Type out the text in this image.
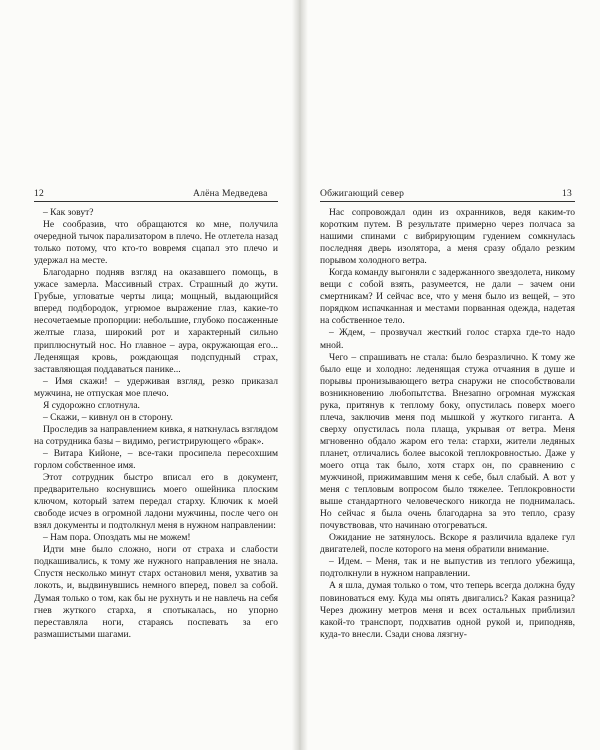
12	Алёна Медведева

– Как зовут?

Не сообразив, что обращаются ко мне, получила очередной тычок парализатором в плечо. Не отлетела назад только потому, что кто-то вовремя сцапал это плечо и удержал на месте.

Благодарно подняв взгляд на оказавшего помощь, в ужасе замерла. Массивный страх. Страшный до жути. Грубые, угловатые черты лица; мощный, выдающийся вперед подбородок, угрюмое выражение глаз, какие-то несочетаемые пропорции: небольшие, глубоко посаженные желтые глаза, широкий рот и характерный сильно приплюснутый нос. Но главное – аура, окружающая его... Леденящая кровь, рождающая подспудный страх, заставляющая поддаваться панике...

– Имя скажи! – удерживая взгляд, резко приказал мужчина, не отпуская мое плечо.

Я судорожно сглотнула.

– Скажи, – кивнул он в сторону.

Проследив за направлением кивка, я наткнулась взглядом на сотрудника базы – видимо, регистрирующего «брак».

– Витара Кийоне, – все-таки просипела пересохшим горлом собственное имя.

Этот сотрудник быстро вписал его в документ, предварительно коснувшись моего ошейника плоским ключом, который затем передал старху. Ключик к моей свободе исчез в огромной ладони мужчины, после чего он взял документы и подтолкнул меня в нужном направлении:

– Нам пора. Опоздать мы не можем!

Идти мне было сложно, ноги от страха и слабости подкашивались, к тому же нужного направления не знала. Спустя несколько минут старх остановил меня, ухватив за локоть, и, выдвинувшись немного вперед, повел за собой. Думая только о том, как бы не рухнуть и не навлечь на себя гнев жуткого старха, я спотыкалась, но упорно переставляла ноги, стараясь поспевать за его размашистыми шагами.

Обжигающий север	13

Нас сопровождал один из охранников, ведя каким-то коротким путем. В результате примерно через полчаса за нашими спинами с вибрирующим гудением сомкнулась последняя дверь изолятора, а меня сразу обдало резким порывом холодного ветра.

Когда команду выгоняли с задержанного звездолета, никому вещи с собой взять, разумеется, не дали – зачем они смертникам? И сейчас все, что у меня было из вещей, – это порядком испачканная и местами порванная одежда, надетая на собственное тело.

– Ждем, – прозвучал жесткий голос старха где-то надо мной.

Чего – спрашивать не стала: было безразлично. К тому же было еще и холодно: леденящая стужа отчаяния в душе и порывы пронизывающего ветра снаружи не способствовали возникновению любопытства. Внезапно огромная мужская рука, притянув к теплому боку, опустилась поверх моего плеча, заключив меня под мышкой у жуткого гиганта. А сверху опустилась пола плаща, укрывая от ветра. Меня мгновенно обдало жаром его тела: стархи, жители ледяных планет, отличались более высокой теплокровностью. Даже у моего отца так было, хотя старх он, по сравнению с мужчиной, прижимавшим меня к себе, был слабый. А вот у меня с тепловым вопросом было тяжелее. Теплокровности выше стандартного человеческого никогда не поднималась. Но сейчас я была очень благодарна за это тепло, сразу почувствовав, что начинаю отогреваться.

Ожидание не затянулось. Вскоре я различила вдалеке гул двигателей, после которого на меня обратили внимание.

– Идем. – Меня, так и не выпустив из теплого убежища, подтолкнули в нужном направлении.

А я шла, думая только о том, что теперь всегда должна буду повиноваться ему. Куда мы опять двигались? Какая разница? Через дюжину метров меня и всех остальных приблизил какой-то транспорт, подхватив одной рукой и, приподняв, куда-то внесли. Сзади снова лязгну-
